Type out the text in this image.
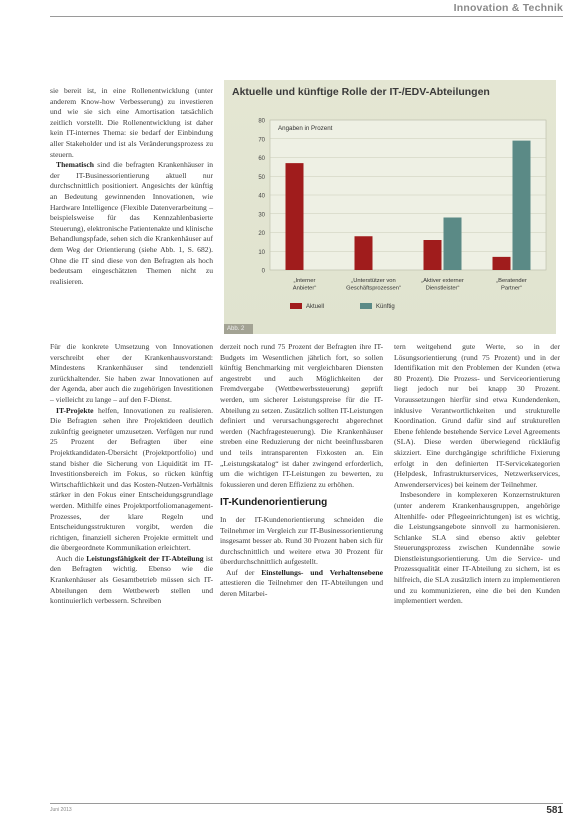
Innovation & Technik

sie bereit ist, in eine Rollenentwicklung (unter anderem Know-how Verbesserung) zu investieren und wie sie sich eine Amortisation tatsächlich zeitlich vorstellt. Die Rollenentwicklung ist daher kein IT-internes Thema: sie bedarf der Einbindung aller Stakeholder und ist als Veränderungsprozess zu steuern.

Thematisch sind die befragten Krankenhäuser in der IT-Businessorientierung aktuell nur durchschnittlich positioniert. Angesichts der künftig an Bedeutung gewinnenden Innovationen, wie Hardware Intelligence (Flexible Datenverarbeitung – beispielsweise für das Kennzahlenbasierte Steuerung), elektronische Patientenakte und klinische Behandlungspfade, sehen sich die Krankenhäuser auf dem Weg der Orientierung (siehe Abb. 1, S. 682). Ohne die IT sind diese von den Befragten als hoch bedeutsam eingeschätzten Themen nicht zu realisieren.

Aktuelle und künftige Rolle der IT-/EDV-Abteilungen
0
10
20
30
40
50
60
70
80
Angaben in Prozent
„Interner
Anbieter“
„Unterstützer von
Geschäftsprozessen“
„Aktiver externer
Dienstleister“
„Beratender
Partner“
Aktuell	Künftig
Abb. 2

Für die konkrete Umsetzung von Innovationen verschreibt eher der Krankenhausvorstand: Mindestens Krankenhäuser sind tendenziell zurückhaltender. Sie haben zwar Innovationen auf der Agenda, aber auch die zugehörigen Investitionen – vielleicht zu lange – auf den F-Dienst.

IT-Projekte helfen, Innovationen zu realisieren. Die Befragten sehen ihre Projektideen deutlich zukünftig geeigneter umzusetzen. Verfügen nur rund 25 Prozent der Befragten über eine Projektkandidaten-Übersicht (Projektportfolio) und stand bisher die Sicherung von Liquidität im IT-Investitionsbereich im Fokus, so rücken künftig Wirtschaftlichkeit und das Kosten-Nutzen-Verhältnis stärker in den Fokus einer Entscheidungsgrundlage werden. Mithilfe eines Projektportfoliomanagement-Prozesses, der klare Regeln und Entscheidungsstrukturen vorgibt, werden die richtigen, finanziell sicheren Projekte ermittelt und die übergeordnete Kommunikation erleichtert.

Auch die Leistungsfähigkeit der IT-Abteilung ist den Befragten wichtig. Ebenso wie die Krankenhäuser als Gesamtbetrieb müssen sich IT-Abteilungen dem Wettbewerb stellen und kontinuierlich verbessern. Schreiben

derzeit noch rund 75 Prozent der Befragten ihre IT-Budgets im Wesentlichen jährlich fort, so sollen künftig Benchmarking mit vergleichbaren Diensten angestrebt und auch Möglichkeiten der Fremdvergabe (Wettbewerbssteuerung) geprüft werden, um sicherer Leistungspreise für die IT-Abteilung zu setzen. Zusätzlich sollten IT-Leistungen definiert und verursachungsgerecht abgerechnet werden (Nachfragesteuerung). Die Krankenhäuser streben eine Reduzierung der nicht beeinflussbaren und teils intransparenten Fixkosten an. Ein „Leistungskatalog“ ist daher zwingend erforderlich, um die wichtigen IT-Leistungen zu bewerten, zu fokussieren und deren Effizienz zu erhöhen.

IT-Kundenorientierung

In der IT-Kundenorientierung schneiden die Teilnehmer im Vergleich zur IT-Businessorientierung insgesamt besser ab. Rund 30 Prozent haben sich für durchschnittlich und weitere etwa 30 Prozent für überdurchschnittlich aufgestellt.

Auf der Einstellungs- und Verhaltensebene attestieren die Teilnehmer den IT-Abteilungen und deren Mitarbei-

tern weitgehend gute Werte, so in der Lösungsorientierung (rund 75 Prozent) und in der Identifikation mit den Problemen der Kunden (etwa 80 Prozent). Die Prozess- und Serviceorientierung liegt jedoch nur bei knapp 30 Prozent. Voraussetzungen hierfür sind etwa Kundendenken, inklusive Verantwortlichkeiten und strukturelle Koordination. Grund dafür sind auf strukturellen Ebene fehlende bestehende Service Level Agreements (SLA). Diese werden überwiegend rückläufig skizziert. Eine durchgängige schriftliche Fixierung erfolgt in den definierten IT-Servicekategorien (Helpdesk, Infrastrukturservices, Netzwerkservices, Anwenderservices) bei keinem der Teilnehmer.

Insbesondere in komplexeren Konzernstrukturen (unter anderem Krankenhausgruppen, angehörige Altenhilfe- oder Pflegeeinrichtungen) ist es wichtig, die Leistungsangebote sinnvoll zu harmonisieren. Schlanke SLA sind ebenso aktiv gelebter Steuerungsprozess zwischen Kundennähe sowie Dienstleistungsorientierung. Um die Service- und Prozessqualität einer IT-Abteilung zu sichern, ist es hilfreich, die SLA zusätzlich intern zu implementieren und zu kommunizieren, eine die bei den Kunden implementiert werden.

Juni 2013	581
